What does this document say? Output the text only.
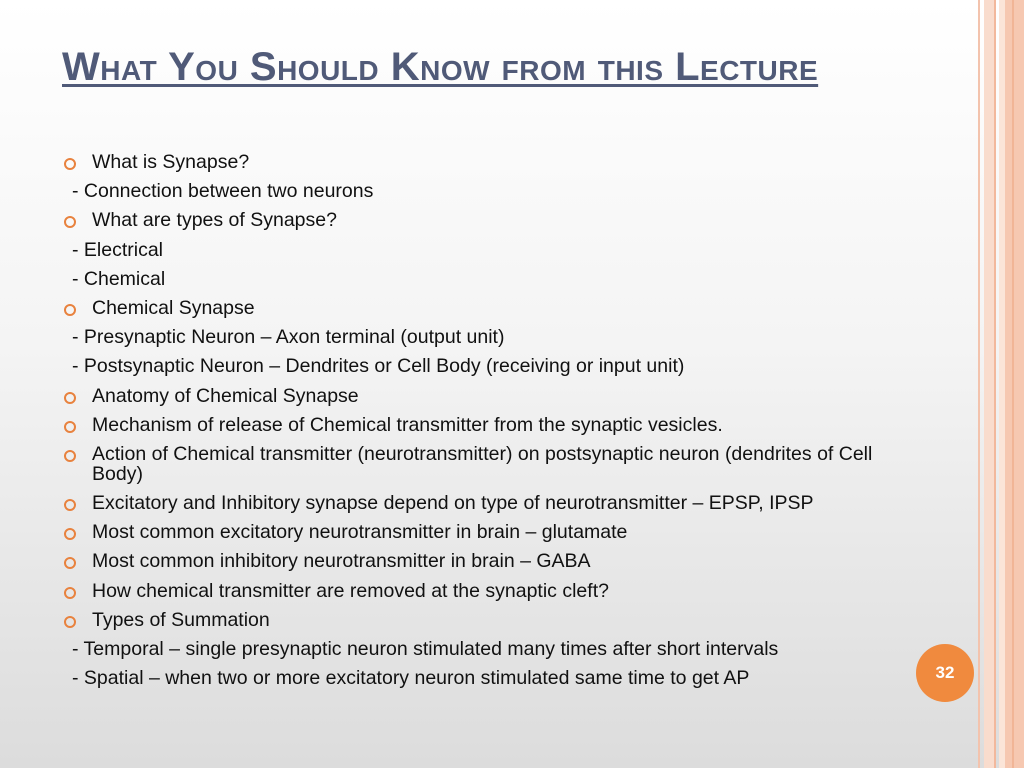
What You Should Know from this Lecture
What is Synapse?
- Connection between two neurons
What are types of Synapse?
- Electrical
- Chemical
Chemical Synapse
- Presynaptic Neuron – Axon terminal (output unit)
- Postsynaptic Neuron – Dendrites or Cell Body (receiving or input unit)
Anatomy of Chemical Synapse
Mechanism of release of Chemical transmitter from the synaptic vesicles.
Action of Chemical transmitter (neurotransmitter) on postsynaptic neuron (dendrites of Cell Body)
Excitatory and Inhibitory synapse depend on type of neurotransmitter – EPSP, IPSP
Most common excitatory neurotransmitter in brain – glutamate
Most common inhibitory neurotransmitter in brain – GABA
How chemical transmitter are removed at the synaptic cleft?
Types of Summation
- Temporal – single presynaptic neuron stimulated many times after short intervals
- Spatial – when two or more excitatory neuron stimulated same time to get AP	32
